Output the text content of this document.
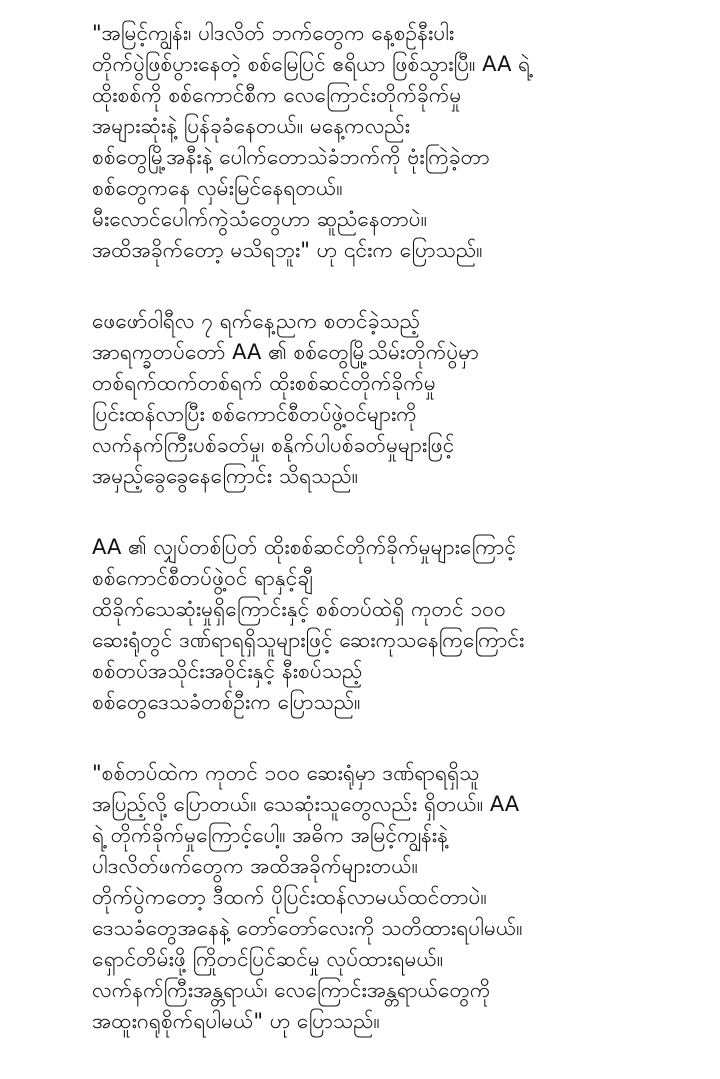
"အမြင့်ကျွန်း၊ ပါဒလိတ် ဘက်တွေက နေ့စဉ်နီးပါး
တိုက်ပွဲဖြစ်ပွားနေတဲ့ စစ်မြေပြင် ဧရိယာ ဖြစ်သွားပြီ။ AA ရဲ့
ထိုးစစ်ကို စစ်ကောင်စီက လေကြောင်းတိုက်ခိုက်မှု
အများဆုံးနဲ့ ပြန်ခုခံနေတယ်။ မနေ့ကလည်း
စစ်တွေမြို့အနီးနဲ့ ပေါက်တောသဲခံဘက်ကို ဗုံးကြဲခဲ့တာ
စစ်တွေကနေ လှမ်းမြင်နေရတယ်။
မီးလောင်ပေါက်ကွဲသံတွေဟာ ဆူညံနေတာပဲ။
အထိအခိုက်တော့ မသိရဘူး" ဟု ၎င်းက ပြောသည်။
ဖေဖော်ဝါရီလ ၇ ရက်နေ့ညက စတင်ခဲ့သည့်
အာရက္ခတပ်တော် AA ၏ စစ်တွေမြို့သိမ်းတိုက်ပွဲမှာ
တစ်ရက်ထက်တစ်ရက် ထိုးစစ်ဆင်တိုက်ခိုက်မှု
ပြင်းထန်လာပြီး စစ်ကောင်စီတပ်ဖွဲ့ဝင်များကို
လက်နက်ကြီးပစ်ခတ်မှု၊ စနိုက်ပါပစ်ခတ်မှုများဖြင့်
အမှည့်ခွေခွေနေကြောင်း သိရသည်။
AA ၏ လျှပ်တစ်ပြတ် ထိုးစစ်ဆင်တိုက်ခိုက်မှုများကြောင့်
စစ်ကောင်စီတပ်ဖွဲ့ဝင် ရာနှင့်ချီ
ထိခိုက်သေဆုံးမှုရှိကြောင်းနှင့် စစ်တပ်ထဲရှိ ကုတင် ၁၀၀
ဆေးရုံတွင် ဒဏ်ရာရရှိသူများဖြင့် ဆေးကုသနေကြကြောင်း
စစ်တပ်အသိုင်းအဝိုင်းနှင့် နီးစပ်သည့်
စစ်တွေဒေသခံတစ်ဦးက ပြောသည်။
"စစ်တပ်ထဲက ကုတင် ၁၀၀ ဆေးရုံမှာ ဒဏ်ရာရရှိသူ
အပြည့်လို့ ပြောတယ်။ သေဆုံးသူတွေလည်း ရှိတယ်။ AA
ရဲ့ တိုက်ခိုက်မှုကြောင့်ပေါ့။ အဓိက အမြင့်ကျွန်းနဲ့
ပါဒလိတ်ဖက်တွေက အထိအခိုက်များတယ်။
တိုက်ပွဲကတော့ ဒီထက် ပိုပြင်းထန်လာမယ်ထင်တာပဲ။
ဒေသခံတွေအနေနဲ့ တော်တော်လေးကို သတိထားရပါမယ်။
ရှောင်တိမ်းဖို့ ကြိုတင်ပြင်ဆင်မှု လုပ်ထားရမယ်။
လက်နက်ကြီးအန္တရာယ်၊ လေကြောင်းအန္တရာယ်တွေကို
အထူးဂရုစိုက်ရပါမယ်" ဟု ပြောသည်။
